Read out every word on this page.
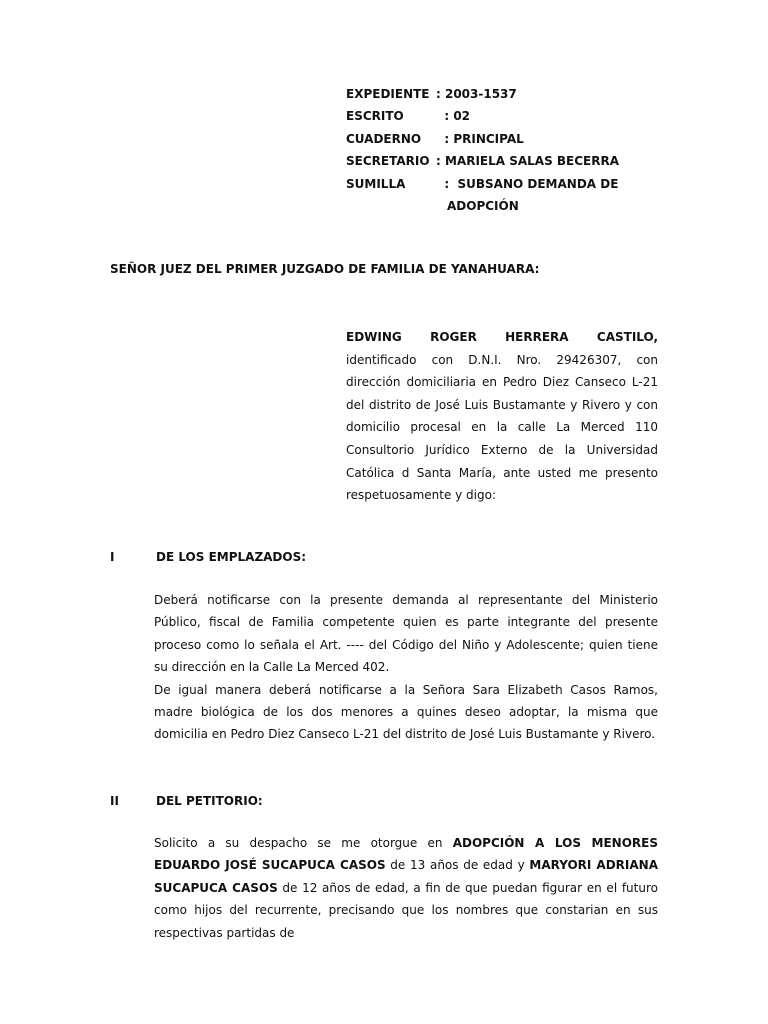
EXPEDIENTE : 2003-1537
ESCRITO	: 02
CUADERNO	: PRINCIPAL
SECRETARIO : MARIELA SALAS BECERRA
SUMILLA	:  SUBSANO DEMANDA DE
ADOPCIÓN
SEÑOR JUEZ DEL PRIMER JUZGADO DE FAMILIA DE YANAHUARA:
EDWING ROGER HERRERA CASTILO, identificado con D.N.I. Nro. 29426307, con dirección domiciliaria en Pedro Diez Canseco L-21 del distrito de José Luis Bustamante y Rivero y con domicilio procesal en la calle La Merced 110 Consultorio Jurídico Externo de la Universidad Católica d Santa María, ante usted me presento respetuosamente y digo:
I	DE LOS EMPLAZADOS:

Deberá notificarse con la presente demanda al representante del Ministerio Público, fiscal de Familia competente quien es parte integrante del presente proceso como lo señala el Art. ---- del Código del Niño y Adolescente; quien tiene su dirección en la Calle La Merced 402.

De igual manera deberá notificarse a la Señora Sara Elizabeth Casos Ramos, madre biológica de los dos menores a quines deseo adoptar, la misma que domicilia en Pedro Diez Canseco L-21 del distrito de José Luis Bustamante y Rivero.

II	DEL PETITORIO:

Solicito a su despacho se me otorgue en ADOPCIÓN A LOS MENORES EDUARDO JOSÉ SUCAPUCA CASOS de 13 años de edad y MARYORI ADRIANA SUCAPUCA CASOS de 12 años de edad, a fin de que puedan figurar en el futuro como hijos del recurrente, precisando que los nombres que constarian en sus respectivas partidas de
